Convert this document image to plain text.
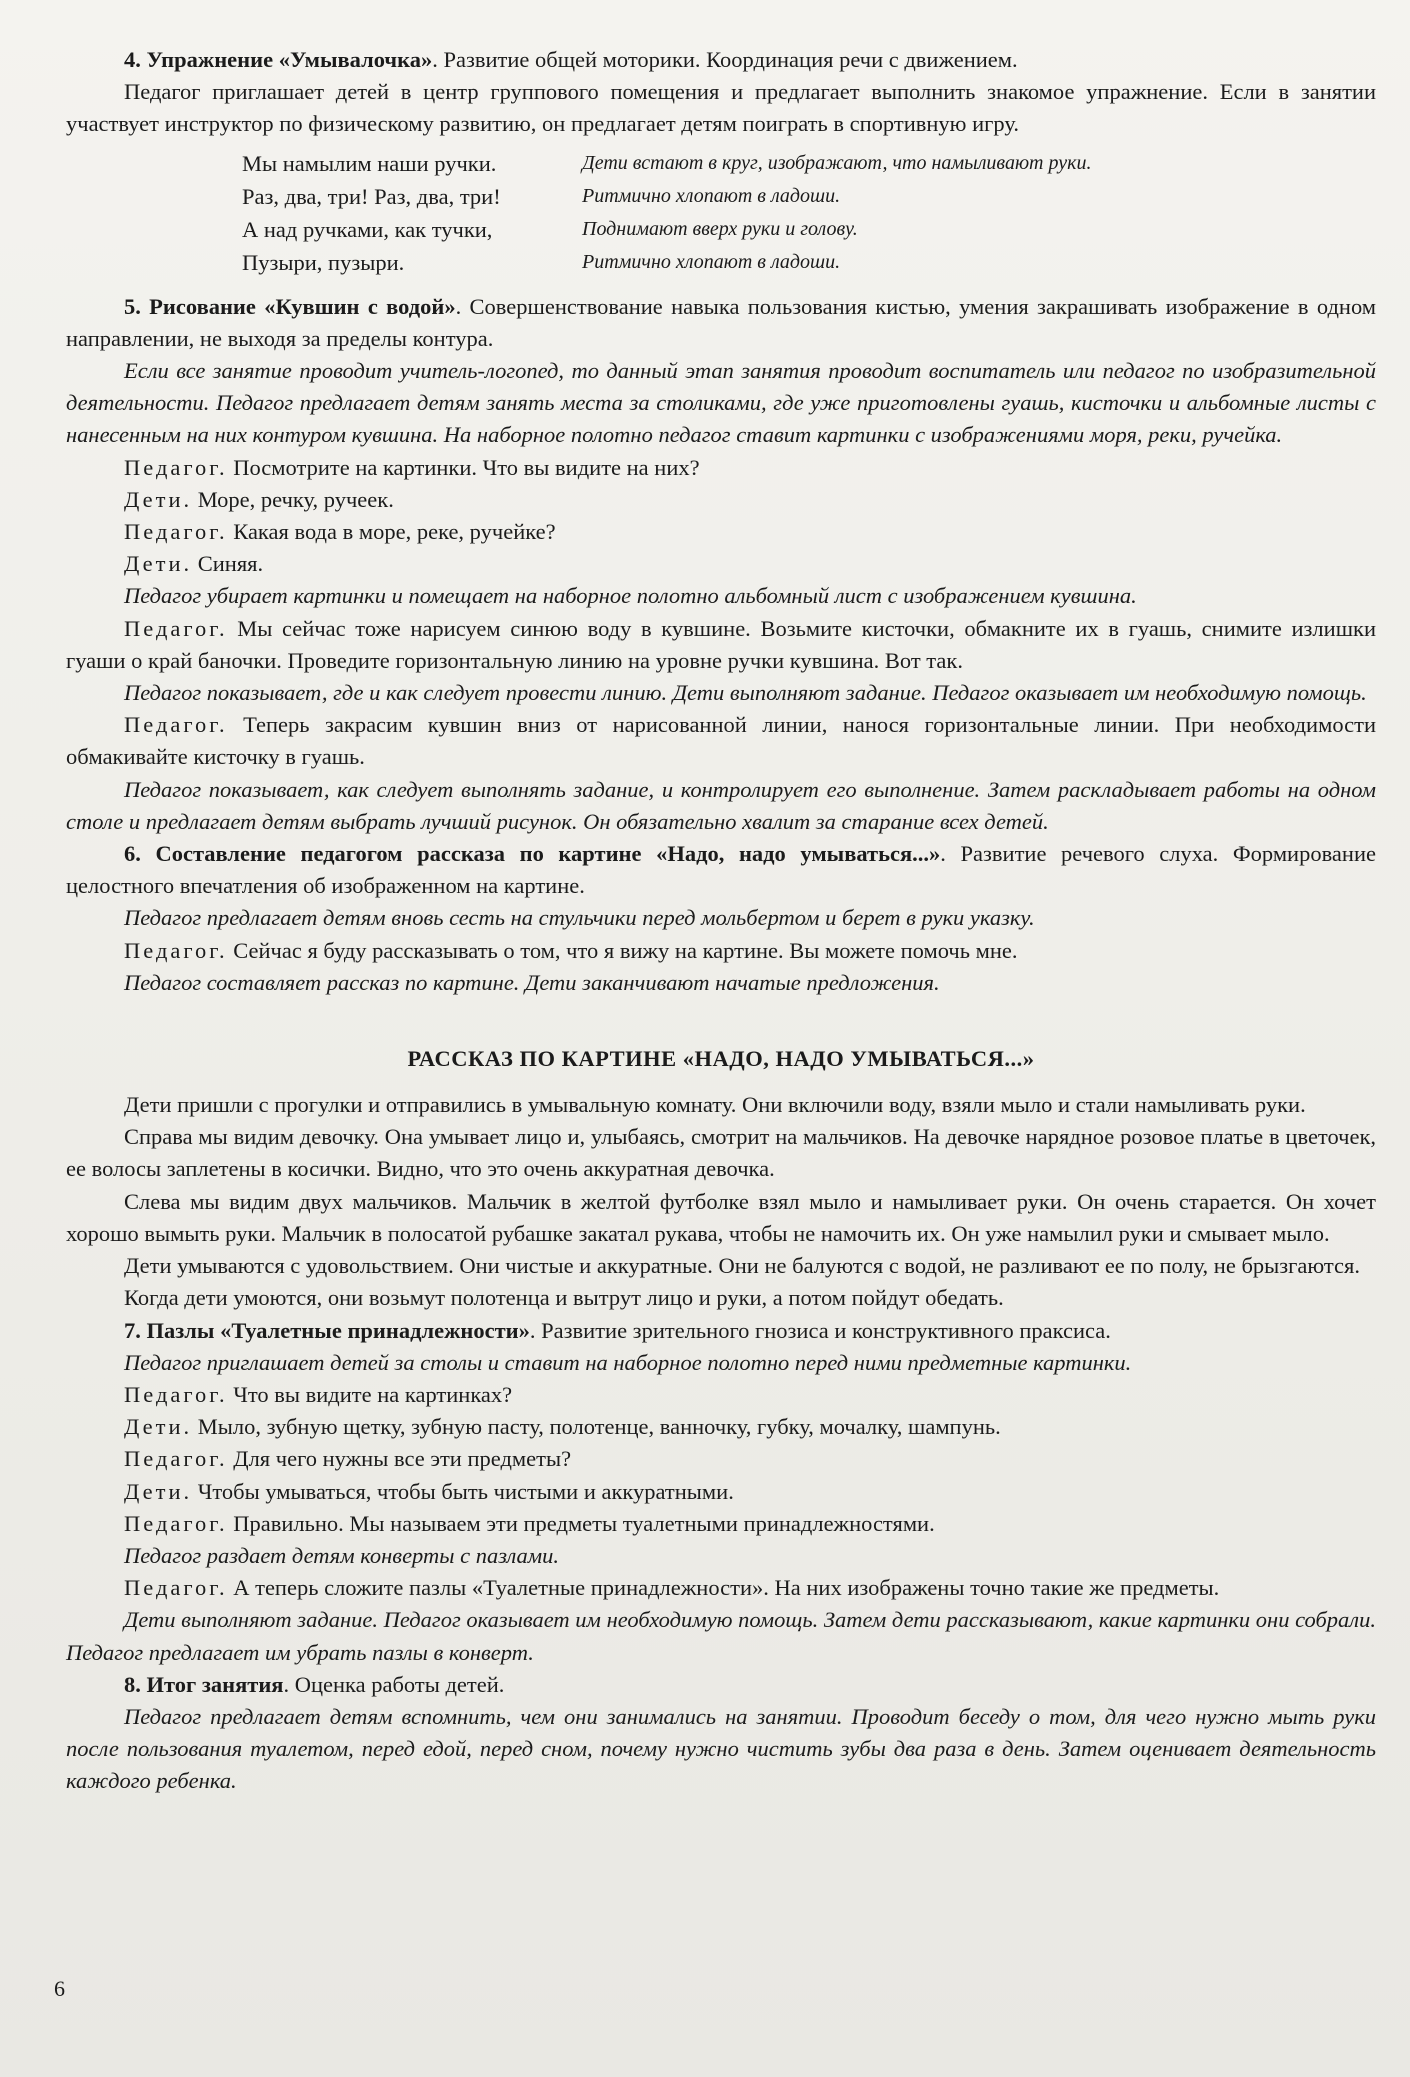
4. Упражнение «Умывалочка». Развитие общей моторики. Координация речи с движением.

Педагог приглашает детей в центр группового помещения и предлагает выполнить знакомое упражнение. Если в занятии участвует инструктор по физическому развитию, он предлагает детям поиграть в спортивную игру.

Мы намылим наши ручки.	Дети встают в круг, изображают, что намыливают руки.
Раз, два, три! Раз, два, три!	Ритмично хлопают в ладоши.
А над ручками, как тучки,	Поднимают вверх руки и голову.
Пузыри, пузыри.	Ритмично хлопают в ладоши.

5. Рисование «Кувшин с водой». Совершенствование навыка пользования кистью, умения закрашивать изображение в одном направлении, не выходя за пределы контура.

Если все занятие проводит учитель-логопед, то данный этап занятия проводит воспитатель или педагог по изобразительной деятельности. Педагог предлагает детям занять места за столиками, где уже приготовлены гуашь, кисточки и альбомные листы с нанесенным на них контуром кувшина. На наборное полотно педагог ставит картинки с изображениями моря, реки, ручейка.

Педагог. Посмотрите на картинки. Что вы видите на них?

Дети. Море, речку, ручеек.

Педагог. Какая вода в море, реке, ручейке?

Дети. Синяя.

Педагог убирает картинки и помещает на наборное полотно альбомный лист с изображением кувшина.

Педагог. Мы сейчас тоже нарисуем синюю воду в кувшине. Возьмите кисточки, обмакните их в гуашь, снимите излишки гуаши о край баночки. Проведите горизонтальную линию на уровне ручки кувшина. Вот так.

Педагог показывает, где и как следует провести линию. Дети выполняют задание. Педагог оказывает им необходимую помощь.

Педагог. Теперь закрасим кувшин вниз от нарисованной линии, нанося горизонтальные линии. При необходимости обмакивайте кисточку в гуашь.

Педагог показывает, как следует выполнять задание, и контролирует его выполнение. Затем раскладывает работы на одном столе и предлагает детям выбрать лучший рисунок. Он обязательно хвалит за старание всех детей.

6. Составление педагогом рассказа по картине «Надо, надо умываться...». Развитие речевого слуха. Формирование целостного впечатления об изображенном на картине.

Педагог предлагает детям вновь сесть на стульчики перед мольбертом и берет в руки указку.

Педагог. Сейчас я буду рассказывать о том, что я вижу на картине. Вы можете помочь мне.

Педагог составляет рассказ по картине. Дети заканчивают начатые предложения.

РАССКАЗ ПО КАРТИНЕ «НАДО, НАДО УМЫВАТЬСЯ...»

Дети пришли с прогулки и отправились в умывальную комнату. Они включили воду, взяли мыло и стали намыливать руки.

Справа мы видим девочку. Она умывает лицо и, улыбаясь, смотрит на мальчиков. На девочке нарядное розовое платье в цветочек, ее волосы заплетены в косички. Видно, что это очень аккуратная девочка.

Слева мы видим двух мальчиков. Мальчик в желтой футболке взял мыло и намыливает руки. Он очень старается. Он хочет хорошо вымыть руки. Мальчик в полосатой рубашке закатал рукава, чтобы не намочить их. Он уже намылил руки и смывает мыло.

Дети умываются с удовольствием. Они чистые и аккуратные. Они не балуются с водой, не разливают ее по полу, не брызгаются.

Когда дети умоются, они возьмут полотенца и вытрут лицо и руки, а потом пойдут обедать.

7. Пазлы «Туалетные принадлежности». Развитие зрительного гнозиса и конструктивного праксиса.

Педагог приглашает детей за столы и ставит на наборное полотно перед ними предметные картинки.

Педагог. Что вы видите на картинках?

Дети. Мыло, зубную щетку, зубную пасту, полотенце, ванночку, губку, мочалку, шампунь.

Педагог. Для чего нужны все эти предметы?

Дети. Чтобы умываться, чтобы быть чистыми и аккуратными.

Педагог. Правильно. Мы называем эти предметы туалетными принадлежностями.

Педагог раздает детям конверты с пазлами.

Педагог. А теперь сложите пазлы «Туалетные принадлежности». На них изображены точно такие же предметы.

Дети выполняют задание. Педагог оказывает им необходимую помощь. Затем дети рассказывают, какие картинки они собрали. Педагог предлагает им убрать пазлы в конверт.

8. Итог занятия. Оценка работы детей.

Педагог предлагает детям вспомнить, чем они занимались на занятии. Проводит беседу о том, для чего нужно мыть руки после пользования туалетом, перед едой, перед сном, почему нужно чистить зубы два раза в день. Затем оценивает деятельность каждого ребенка.

6
